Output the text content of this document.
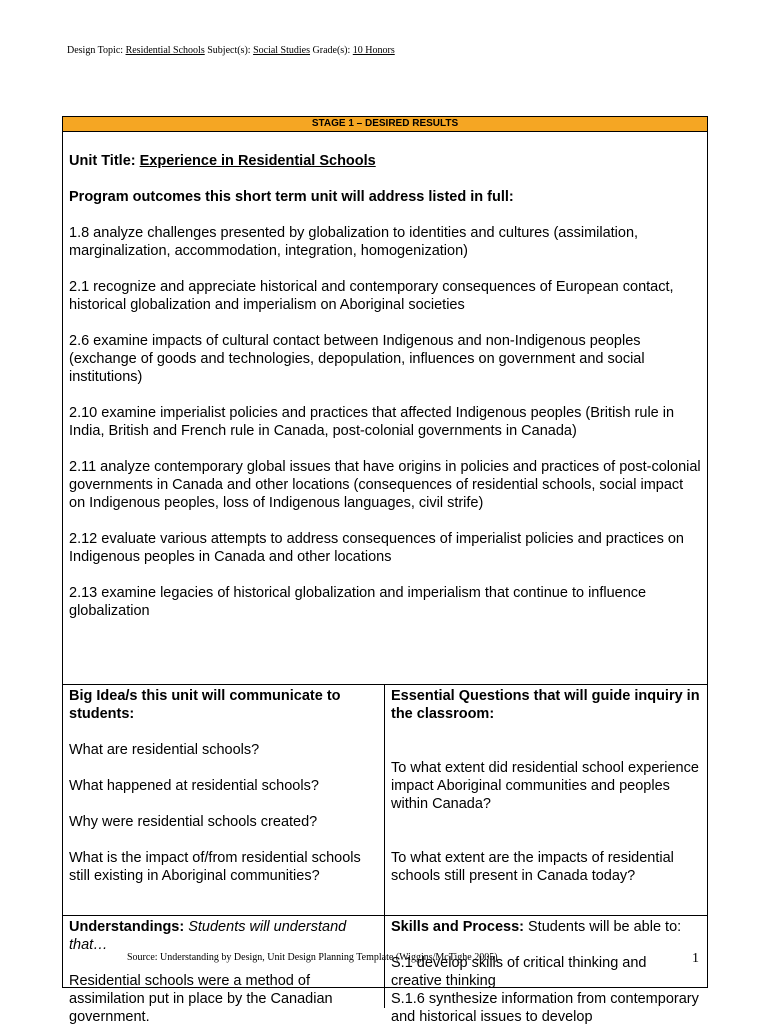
Design Topic: Residential Schools Subject(s): Social Studies Grade(s): 10 Honors
STAGE 1 – DESIRED RESULTS

Unit Title: Experience in Residential Schools

Program outcomes this short term unit will address listed in full:

1.8 analyze challenges presented by globalization to identities and cultures (assimilation, marginalization, accommodation, integration, homogenization)

2.1 recognize and appreciate historical and contemporary consequences of European contact, historical globalization and imperialism on Aboriginal societies

2.6 examine impacts of cultural contact between Indigenous and non-Indigenous peoples (exchange of goods and technologies, depopulation, influences on government and social institutions)

2.10 examine imperialist policies and practices that affected Indigenous peoples (British rule in India, British and French rule in Canada, post-colonial governments in Canada)

2.11 analyze contemporary global issues that have origins in policies and practices of post-colonial governments in Canada and other locations (consequences of residential schools, social impact on Indigenous peoples, loss of Indigenous languages, civil strife)

2.12 evaluate various attempts to address consequences of imperialist policies and practices on Indigenous peoples in Canada and other locations

2.13 examine legacies of historical globalization and imperialism that continue to influence globalization

Big Idea/s this unit will communicate to students:

What are residential schools?

What happened at residential schools?

Why were residential schools created?

What is the impact of/from residential schools still existing in Aboriginal communities?

Essential Questions that will guide inquiry in the classroom:

To what extent did residential school experience impact Aboriginal communities and peoples within Canada?

To what extent are the impacts of residential schools still present in Canada today?

Understandings: Students will understand that…

Residential schools were a method of assimilation put in place by the Canadian government.

Skills and Process: Students will be able to:

S.1 develop skills of critical thinking and creative thinking

S.1.6 synthesize information from contemporary and historical issues to develop

Source: Understanding by Design, Unit Design Planning Template (Wiggins/McTighe 2005)	1
